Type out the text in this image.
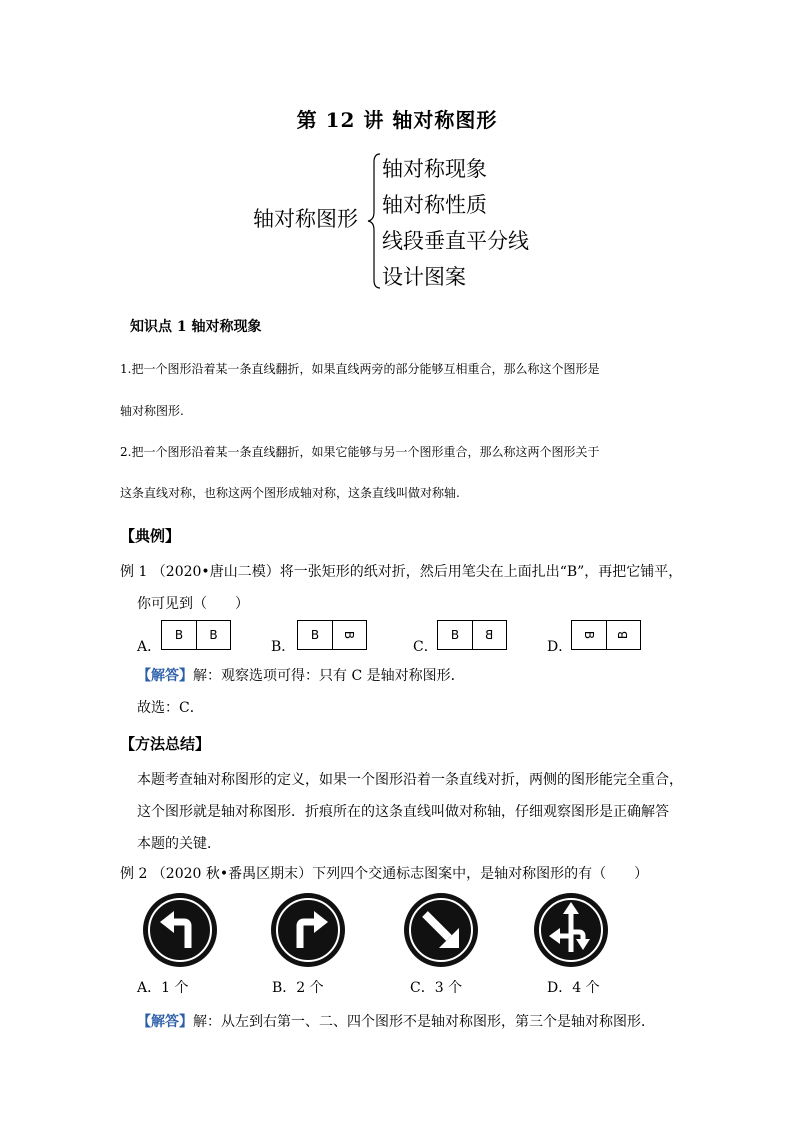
第 12 讲 轴对称图形
轴对称图形
轴对称现象
轴对称性质
线段垂直平分线
设计图案
知识点 1 轴对称现象
1.把一个图形沿着某一条直线翻折，如果直线两旁的部分能够互相重合，那么称这个图形是
轴对称图形.
2.把一个图形沿着某一条直线翻折，如果它能够与另一个图形重合，那么称这两个图形关于
这条直线对称，也称这两个图形成轴对称，这条直线叫做对称轴.
【典例】
例 1 （2020•唐山二模）将一张矩形的纸对折，然后用笔尖在上面扎出“B”，再把它铺平，
你可见到（　　）
A．
B	B
B．
B	B
C．
B	B
D．
B B
【解答】解：观察选项可得：只有 C 是轴对称图形．
故选：C．
【方法总结】
本题考查轴对称图形的定义，如果一个图形沿着一条直线对折，两侧的图形能完全重合，
这个图形就是轴对称图形．折痕所在的这条直线叫做对称轴，仔细观察图形是正确解答
本题的关键．
例 2 （2020 秋•番禺区期末）下列四个交通标志图案中，是轴对称图形的有（　　）
A．1 个	B．2 个	C．3 个	D．4 个
【解答】解：从左到右第一、二、四个图形不是轴对称图形，第三个是轴对称图形．
